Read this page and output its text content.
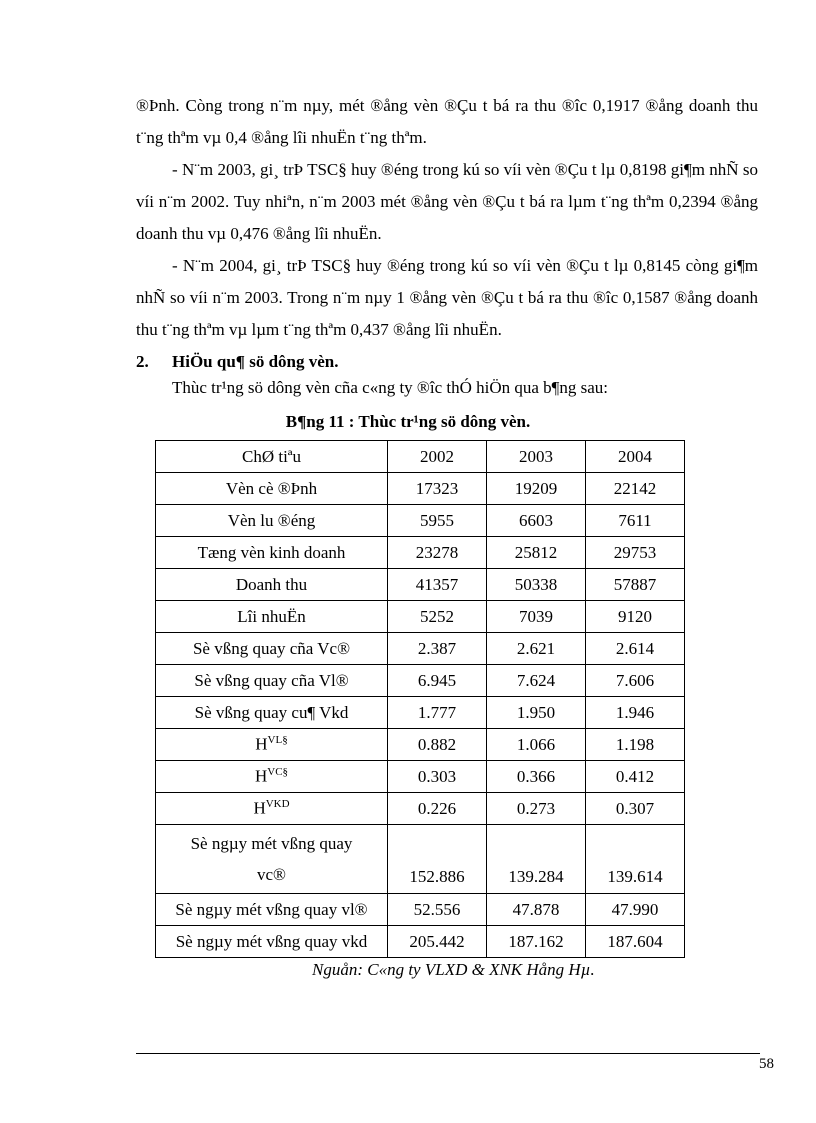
®Þnh. Còng trong n¨m nµy, mét ®ång vèn ®Çu t bá ra thu ®îc 0,1917 ®ång doanh thu t¨ng thªm vµ 0,4 ®ång lîi nhuËn t¨ng thªm.

- N¨m 2003, gi¸ trÞ TSC§ huy ®éng trong kú so víi vèn ®Çu t lµ 0,8198 gi¶m nhÑ so víi n¨m 2002. Tuy nhiªn, n¨m 2003 mét ®ång vèn ®Çu t bá ra lµm t¨ng thªm 0,2394 ®ång doanh thu vµ 0,476 ®ång lîi nhuËn.

- N¨m 2004, gi¸ trÞ TSC§ huy ®éng trong kú so víi vèn ®Çu t lµ 0,8145 còng gi¶m nhÑ so víi n¨m 2003. Trong n¨m nµy 1 ®ång vèn ®Çu t bá ra thu ®îc 0,1587 ®ång doanh thu t¨ng thªm vµ lµm t¨ng thªm 0,437 ®ång lîi nhuËn.

2. HiÖu qu¶ sö dông vèn.

Thùc tr¹ng sö dông vèn cña c«ng ty ®îc thÓ hiÖn qua b¶ng sau:

B¶ng 11 : Thùc tr¹ng sö dông vèn.

ChØ tiªu	2002	2003	2004
Vèn cè ®Þnh	17323	19209	22142
Vèn lu ®éng	5955	6603	7611
Tæng vèn kinh doanh	23278	25812	29753
Doanh thu	41357	50338	57887
Lîi nhuËn	5252	7039	9120
Sè vßng quay cña Vc®	2.387	2.621	2.614
Sè vßng quay cña Vl®	6.945	7.624	7.606
Sè vßng quay cu¶ Vkd	1.777	1.950	1.946
$H^{VL\S}$	0.882	1.066	1.198
$H^{VC\S}$	0.303	0.366	0.412
$H^{VKD}$	0.226	0.273	0.307
Sè ngµy mét vßng quay
vc®	152.886	139.284	139.614
Sè ngµy mét vßng quay vl®	52.556	47.878	47.990
Sè ngµy mét vßng quay vkd	205.442	187.162	187.604

Nguån: C«ng ty VLXD & XNK Hång Hµ.

58
